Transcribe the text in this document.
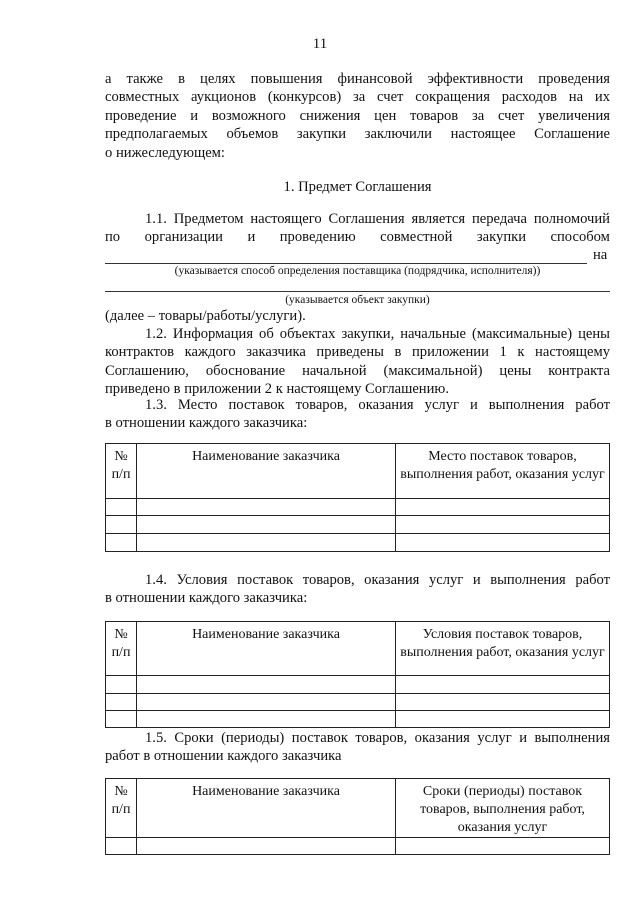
11
а также в целях повышения финансовой эффективности проведения
совместных аукционов (конкурсов) за счет сокращения расходов на их
проведение и возможного снижения цен товаров за счет увеличения
предполагаемых объемов закупки заключили настоящее Соглашение
о нижеследующем:
1. Предмет Соглашения
1.1. Предметом настоящего Соглашения является передача полномочий
по организации и проведению совместной закупки способом
на
(указывается способ определения поставщика (подрядчика, исполнителя))
(указывается объект закупки)
(далее – товары/работы/услуги).
1.2. Информация об объектах закупки, начальные (максимальные) цены
контрактов каждого заказчика приведены в приложении 1 к настоящему
Соглашению, обоснование начальной (максимальной) цены контракта
приведено в приложении 2 к настоящему Соглашению.
1.3. Место поставок товаров, оказания услуг и выполнения работ
в отношении каждого заказчика:
№ п/п	Наименование заказчика	Место поставок товаров, выполнения работ, оказания услуг

1.4. Условия поставок товаров, оказания услуг и выполнения работ
в отношении каждого заказчика:
№ п/п	Наименование заказчика	Условия поставок товаров, выполнения работ, оказания услуг

1.5. Сроки (периоды) поставок товаров, оказания услуг и выполнения
работ в отношении каждого заказчика
№ п/п	Наименование заказчика	Сроки (периоды) поставок товаров, выполнения работ, оказания услуг
